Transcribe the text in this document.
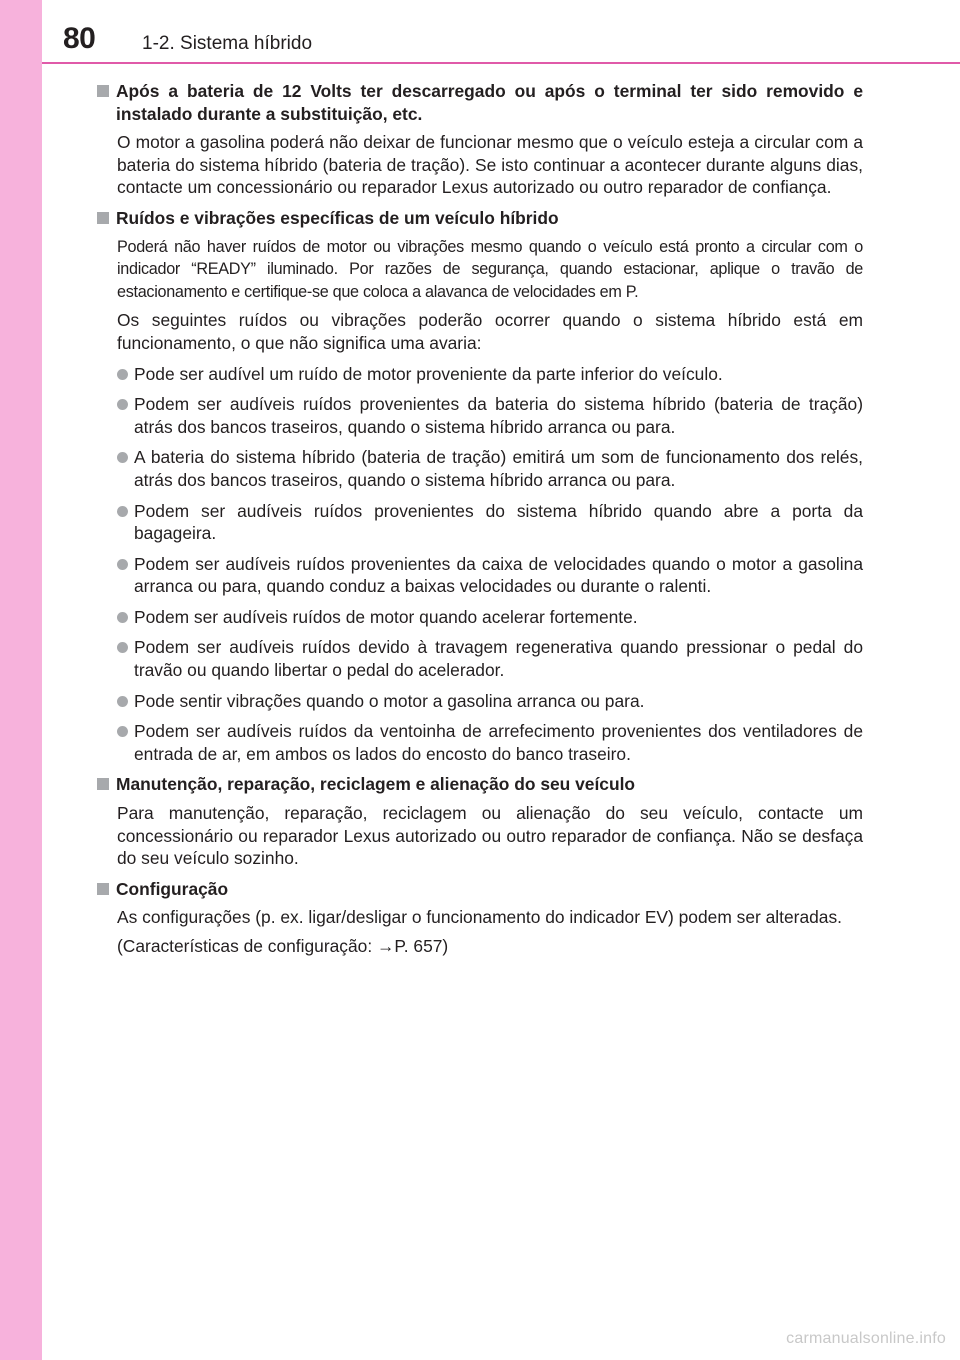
80 1-2. Sistema híbrido
Após a bateria de 12 Volts ter descarregado ou após o terminal ter sido removido e instalado durante a substituição, etc.

O motor a gasolina poderá não deixar de funcionar mesmo que o veículo esteja a circular com a bateria do sistema híbrido (bateria de tração). Se isto continuar a acontecer durante alguns dias, contacte um concessionário ou reparador Lexus autorizado ou outro reparador de confiança.

Ruídos e vibrações específicas de um veículo híbrido

Poderá não haver ruídos de motor ou vibrações mesmo quando o veículo está pronto a circular com o indicador “READY” iluminado. Por razões de segurança, quando estacionar, aplique o travão de estacionamento e certifique-se que coloca a alavanca de velocidades em P.

Os seguintes ruídos ou vibrações poderão ocorrer quando o sistema híbrido está em funcionamento, o que não significa uma avaria:

Pode ser audível um ruído de motor proveniente da parte inferior do veículo.
Podem ser audíveis ruídos provenientes da bateria do sistema híbrido (bateria de tração) atrás dos bancos traseiros, quando o sistema híbrido arranca ou para.
A bateria do sistema híbrido (bateria de tração) emitirá um som de funcionamento dos relés, atrás dos bancos traseiros, quando o sistema híbrido arranca ou para.
Podem ser audíveis ruídos provenientes do sistema híbrido quando abre a porta da bagageira.
Podem ser audíveis ruídos provenientes da caixa de velocidades quando o motor a gasolina arranca ou para, quando conduz a baixas velocidades ou durante o ralenti.
Podem ser audíveis ruídos de motor quando acelerar fortemente.
Podem ser audíveis ruídos devido à travagem regenerativa quando pressionar o pedal do travão ou quando libertar o pedal do acelerador.
Pode sentir vibrações quando o motor a gasolina arranca ou para.
Podem ser audíveis ruídos da ventoinha de arrefecimento provenientes dos ventiladores de entrada de ar, em ambos os lados do encosto do banco traseiro.
Manutenção, reparação, reciclagem e alienação do seu veículo

Para manutenção, reparação, reciclagem ou alienação do seu veículo, contacte um concessionário ou reparador Lexus autorizado ou outro reparador de confiança. Não se desfaça do seu veículo sozinho.

Configuração

As configurações (p. ex. ligar/desligar o funcionamento do indicador EV) podem ser alteradas.

(Características de configuração: →P. 657)

carmanualsonline.info
